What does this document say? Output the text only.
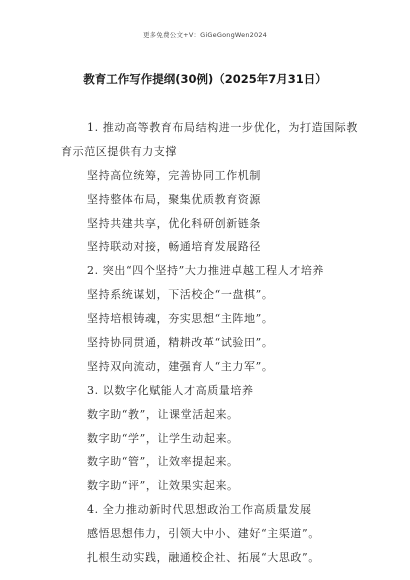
更多免费公文+V：GiGeGongWen2024
教育工作写作提纲(30例)（2025年7月31日）
1. 推动高等教育布局结构进一步优化，为打造国际教
育示范区提供有力支撑
坚持高位统筹，完善协同工作机制
坚持整体布局，聚集优质教育资源
坚持共建共享，优化科研创新链条
坚持联动对接，畅通培育发展路径
2. 突出“四个坚持”大力推进卓越工程人才培养
坚持系统谋划，下活校企“一盘棋”。
坚持培根铸魂，夯实思想“主阵地”。
坚持协同贯通，精耕改革“试验田”。
坚持双向流动，建强育人“主力军”。
3. 以数字化赋能人才高质量培养
数字助“教”，让课堂活起来。
数字助“学”，让学生动起来。
数字助“管”，让效率提起来。
数字助“评”，让效果实起来。
4. 全力推动新时代思想政治工作高质量发展
感悟思想伟力，引领大中小、建好“主渠道”。
扎根生动实践，融通校企社、拓展“大思政”。
